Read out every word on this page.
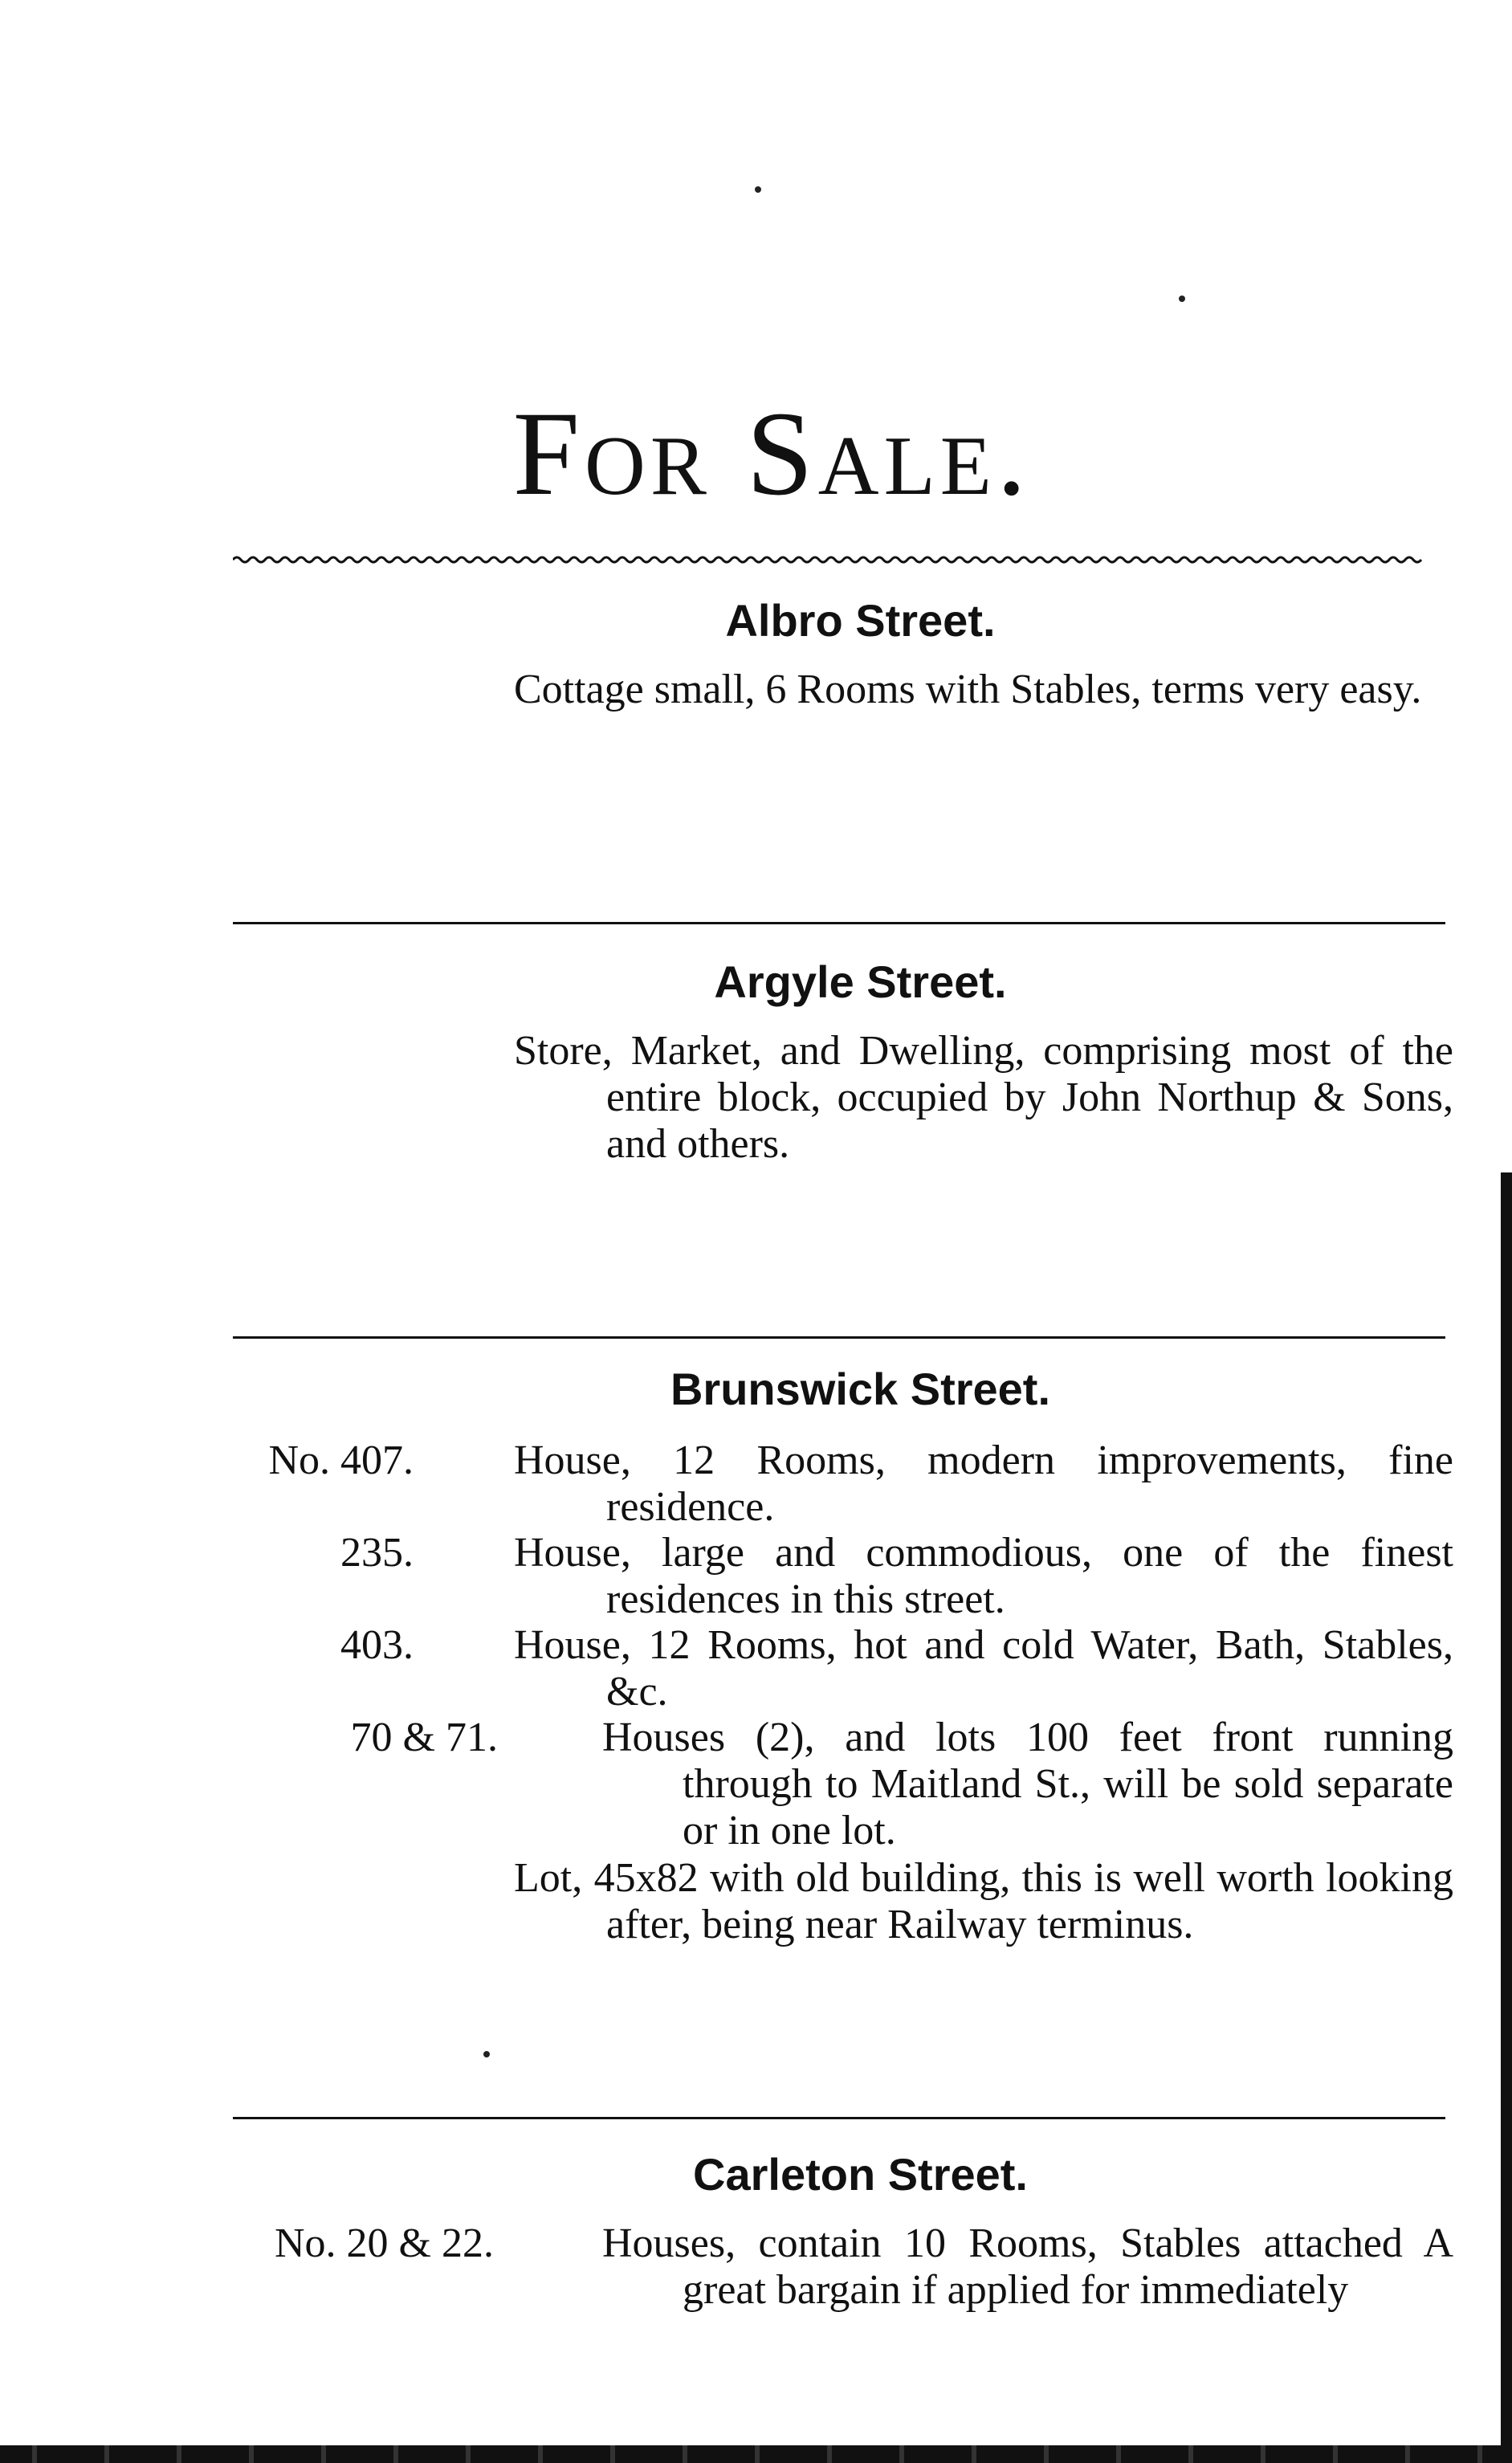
For Sale.
Albro Street.
Cottage small, 6 Rooms with Stables, terms very easy.
Argyle Street.
Store, Market, and Dwelling, comprising most of the entire block, occupied by John Northup & Sons, and others.
Brunswick Street.
No. 407. House, 12 Rooms, modern improvements, fine residence.
235. House, large and commodious, one of the finest residences in this street.
403. House, 12 Rooms, hot and cold Water, Bath, Stables, &c.
70 & 71.	Houses (2), and lots 100 feet front running through to Maitland St., will be sold separate or in one lot.
Lot, 45x82 with old building, this is well worth looking after, being near Railway terminus.
Carleton Street.
No. 20 & 22.	Houses, contain 10 Rooms, Stables attached A great bargain if applied for immediately
